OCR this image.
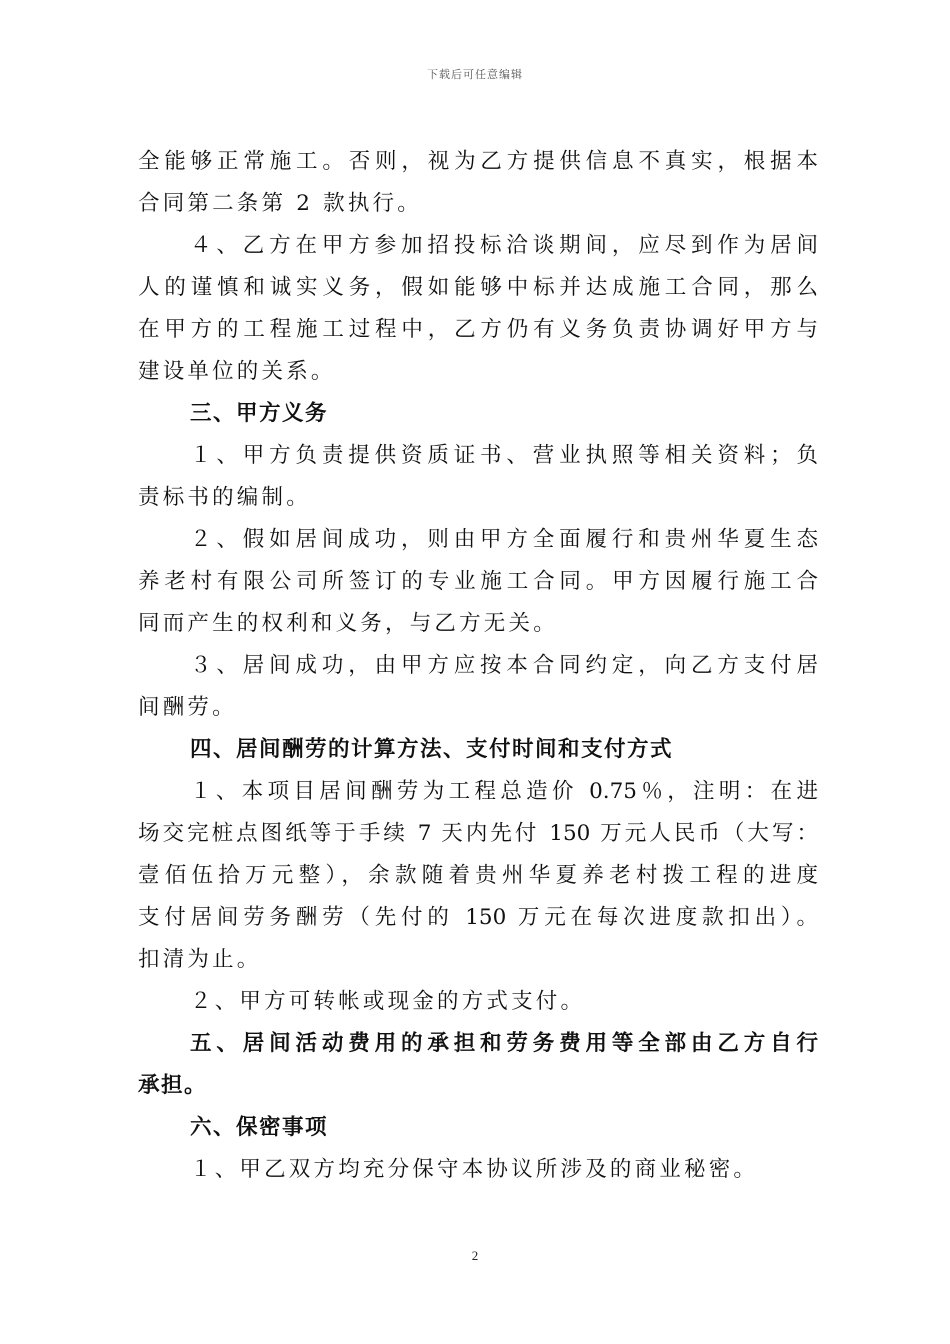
下载后可任意编辑
全能够正常施工。否则，视为乙方提供信息不真实，根据本
合同第二条第 2 款执行。
４、乙方在甲方参加招投标洽谈期间，应尽到作为居间
人的谨慎和诚实义务，假如能够中标并达成施工合同，那么
在甲方的工程施工过程中，乙方仍有义务负责协调好甲方与
建设单位的关系。
三、甲方义务
１、甲方负责提供资质证书、营业执照等相关资料；负
责标书的编制。
２、假如居间成功，则由甲方全面履行和贵州华夏生态
养老村有限公司所签订的专业施工合同。甲方因履行施工合
同而产生的权利和义务，与乙方无关。
３、居间成功，由甲方应按本合同约定，向乙方支付居
间酬劳。
四、居间酬劳的计算方法、支付时间和支付方式
１、本项目居间酬劳为工程总造价 0.75％，注明：在进
场交完桩点图纸等于手续 7 天内先付 150 万元人民币（大写：
壹佰伍拾万元整），余款随着贵州华夏养老村拨工程的进度
支付居间劳务酬劳（先付的 150 万元在每次进度款扣出）。
扣清为止。
２、甲方可转帐或现金的方式支付。
五、居间活动费用的承担和劳务费用等全部由乙方自行
承担。
六、保密事项
１、甲乙双方均充分保守本协议所涉及的商业秘密。
2
